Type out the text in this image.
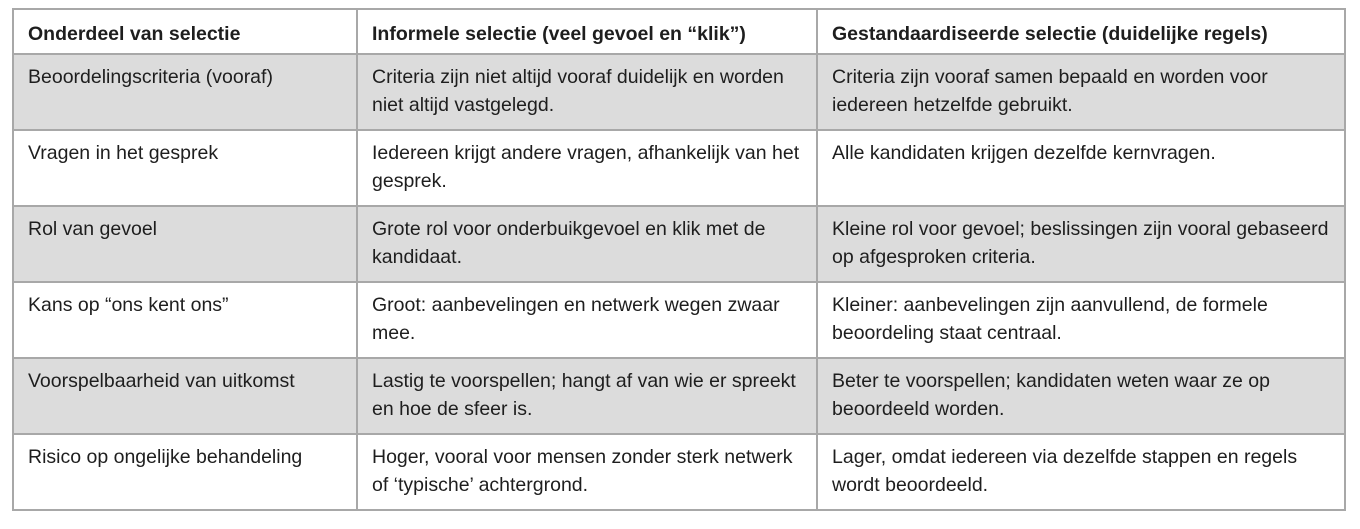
Onderdeel van selectie	Informele selectie (veel gevoel en “klik”)	Gestandaardiseerde selectie (duidelijke regels)
Beoordelingscriteria (vooraf)	Criteria zijn niet altijd vooraf duidelijk en worden niet altijd vastgelegd.	Criteria zijn vooraf samen bepaald en worden voor iedereen hetzelfde gebruikt.
Vragen in het gesprek	Iedereen krijgt andere vragen, afhankelijk van het gesprek.	Alle kandidaten krijgen dezelfde kernvragen.
Rol van gevoel	Grote rol voor onderbuikgevoel en klik met de kandidaat.	Kleine rol voor gevoel; beslissingen zijn vooral gebaseerd op afgesproken criteria.
Kans op “ons kent ons”	Groot: aanbevelingen en netwerk wegen zwaar mee.	Kleiner: aanbevelingen zijn aanvullend, de formele beoordeling staat centraal.
Voorspelbaarheid van uitkomst	Lastig te voorspellen; hangt af van wie er spreekt en hoe de sfeer is.	Beter te voorspellen; kandidaten weten waar ze op beoordeeld worden.
Risico op ongelijke behandeling	Hoger, vooral voor mensen zonder sterk netwerk of ‘typische’ achtergrond.	Lager, omdat iedereen via dezelfde stappen en regels wordt beoordeeld.
